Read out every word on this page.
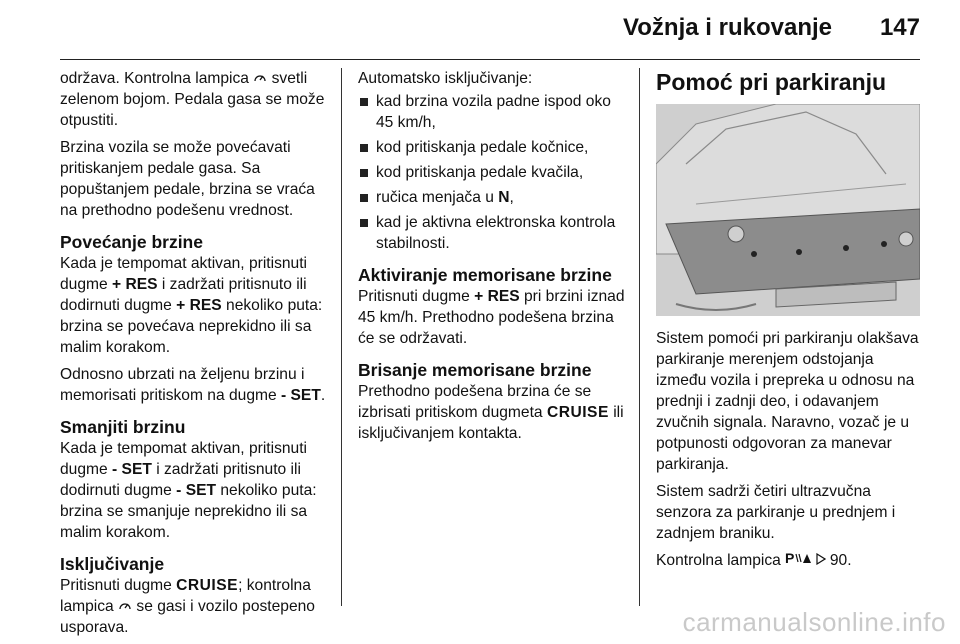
Vožnja i rukovanje 147

održava. Kontrolna lampica  svetli zelenom bojom. Pedala gasa se može otpustiti.

Brzina vozila se može povećavati pritiskanjem pedale gasa. Sa popuštanjem pedale, brzina se vraća na prethodno podešenu vrednost.

Povećanje brzine

Kada je tempomat aktivan, pritisnuti dugme + RES i zadržati pritisnuto ili dodirnuti dugme + RES nekoliko puta: brzina se povećava neprekidno ili sa malim korakom.

Odnosno ubrzati na željenu brzinu i memorisati pritiskom na dugme - SET.

Smanjiti brzinu

Kada je tempomat aktivan, pritisnuti dugme - SET i zadržati pritisnuto ili dodirnuti dugme - SET nekoliko puta: brzina se smanjuje neprekidno ili sa malim korakom.

Isključivanje

Pritisnuti dugme CRUISE; kontrolna lampica  se gasi i vozilo postepeno usporava.

Automatsko isključivanje:

kad brzina vozila padne ispod oko 45 km/h,
kod pritiskanja pedale kočnice,
kod pritiskanja pedale kvačila,
ručica menjača u N,
kad je aktivna elektronska kontrola stabilnosti.
Aktiviranje memorisane brzine

Pritisnuti dugme + RES pri brzini iznad 45 km/h. Prethodno podešena brzina će se održavati.

Brisanje memorisane brzine

Prethodno podešena brzina će se izbrisati pritiskom dugmeta CRUISE ili isključivanjem kontakta.

Pomoć pri parkiranju

Sistem pomoći pri parkiranju olakšava parkiranje merenjem odstojanja između vozila i prepreka u odnosu na prednji i zadnji deo, i odavanjem zvučnih signala. Naravno, vozač je u potpunosti odgovoran za manevar parkiranja.

Sistem sadrži četiri ultrazvučna senzora za parkiranje u prednjem i zadnjem braniku.

Kontrolna lampica P 90.

carmanualsonline.info
